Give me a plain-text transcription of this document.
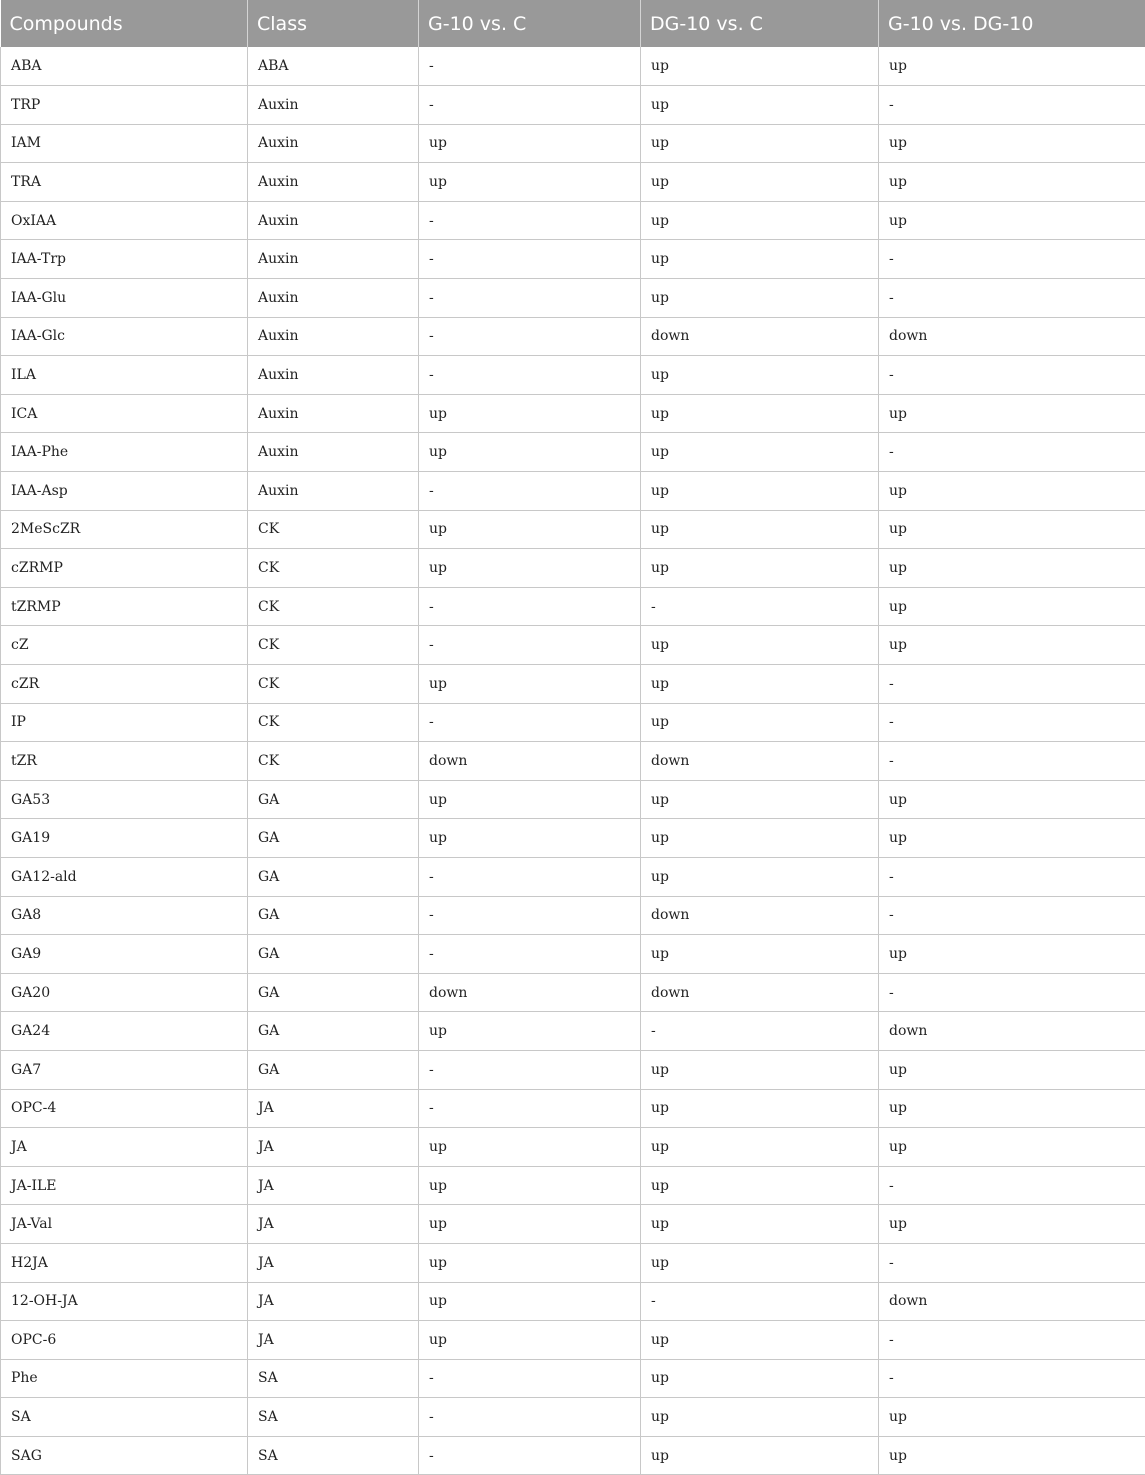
Compounds	Class	G-10 vs. C	DG-10 vs. C	G-10 vs. DG-10
ABA	ABA	-	up	up
TRP	Auxin	-	up	-
IAM	Auxin	up	up	up
TRA	Auxin	up	up	up
OxIAA	Auxin	-	up	up
IAA-Trp	Auxin	-	up	-
IAA-Glu	Auxin	-	up	-
IAA-Glc	Auxin	-	down	down
ILA	Auxin	-	up	-
ICA	Auxin	up	up	up
IAA-Phe	Auxin	up	up	-
IAA-Asp	Auxin	-	up	up
2MeScZR	CK	up	up	up
cZRMP	CK	up	up	up
tZRMP	CK	-	-	up
cZ	CK	-	up	up
cZR	CK	up	up	-
IP	CK	-	up	-
tZR	CK	down	down	-
GA53	GA	up	up	up
GA19	GA	up	up	up
GA12-ald	GA	-	up	-
GA8	GA	-	down	-
GA9	GA	-	up	up
GA20	GA	down	down	-
GA24	GA	up	-	down
GA7	GA	-	up	up
OPC-4	JA	-	up	up
JA	JA	up	up	up
JA-ILE	JA	up	up	-
JA-Val	JA	up	up	up
H2JA	JA	up	up	-
12-OH-JA	JA	up	-	down
OPC-6	JA	up	up	-
Phe	SA	-	up	-
SA	SA	-	up	up
SAG	SA	-	up	up
